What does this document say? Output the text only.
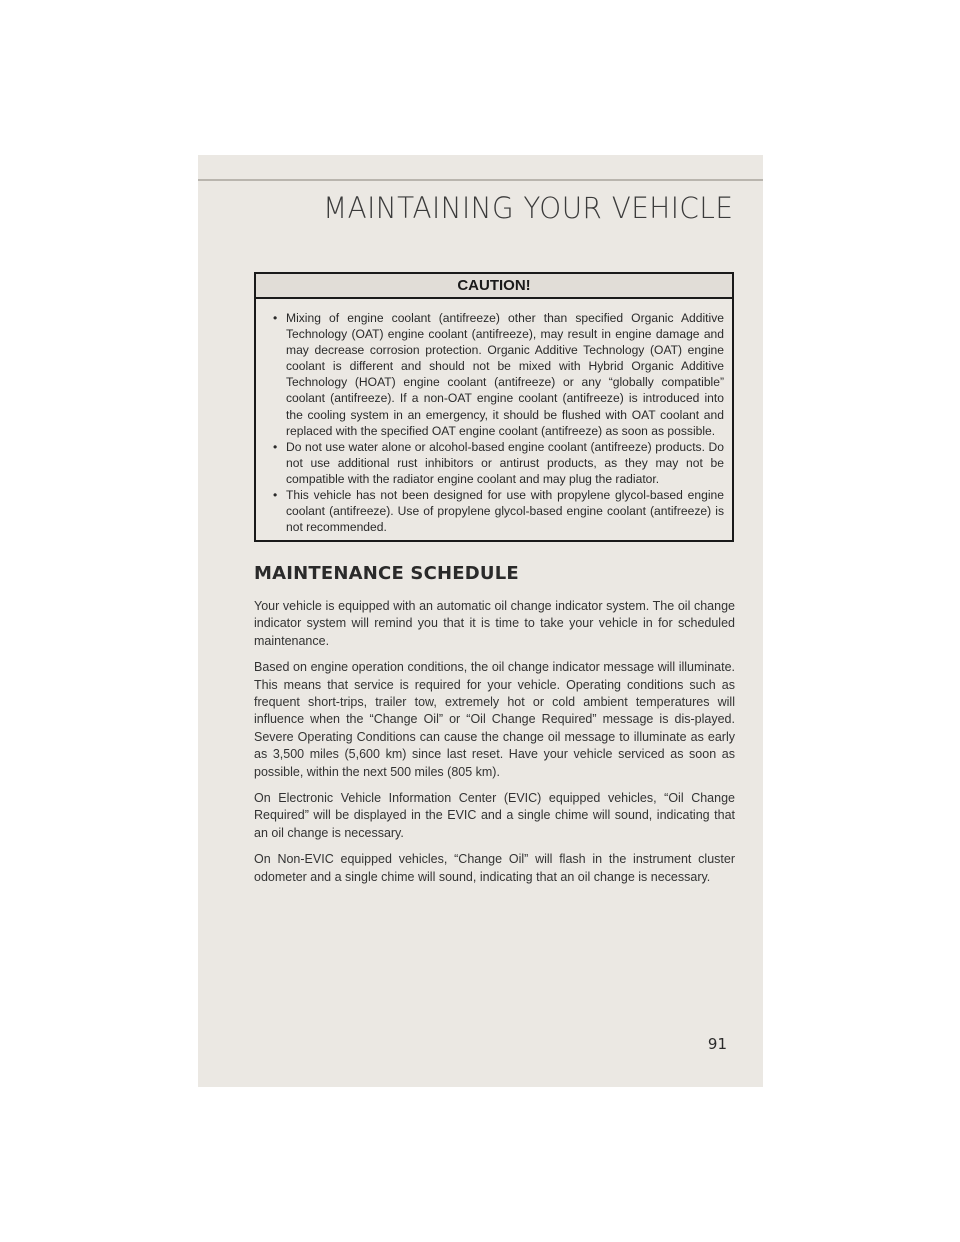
MAINTAINING YOUR VEHICLE
CAUTION!
• Mixing of engine coolant (antifreeze) other than specified Organic Additive Technology (OAT) engine coolant (antifreeze), may result in engine damage and may decrease corrosion protection. Organic Additive Technology (OAT) engine coolant is different and should not be mixed with Hybrid Organic Additive Technology (HOAT) engine coolant (antifreeze) or any “globally compatible” coolant (antifreeze). If a non-OAT engine coolant (antifreeze) is introduced into the cooling system in an emergency, it should be flushed with OAT coolant and replaced with the specified OAT engine coolant (antifreeze) as soon as possible.
• Do not use water alone or alcohol-based engine coolant (antifreeze) products. Do not use additional rust inhibitors or antirust products, as they may not be compatible with the radiator engine coolant and may plug the radiator.
• This vehicle has not been designed for use with propylene glycol-based engine coolant (antifreeze). Use of propylene glycol-based engine coolant (antifreeze) is not recommended.
MAINTENANCE SCHEDULE

Your vehicle is equipped with an automatic oil change indicator system. The oil change indicator system will remind you that it is time to take your vehicle in for scheduled maintenance.

Based on engine operation conditions, the oil change indicator message will illuminate. This means that service is required for your vehicle. Operating conditions such as frequent short-trips, trailer tow, extremely hot or cold ambient temperatures will influence when the “Change Oil” or “Oil Change Required” message is dis-played. Severe Operating Conditions can cause the change oil message to illuminate as early as 3,500 miles (5,600 km) since last reset. Have your vehicle serviced as soon as possible, within the next 500 miles (805 km).

On Electronic Vehicle Information Center (EVIC) equipped vehicles, “Oil Change Required” will be displayed in the EVIC and a single chime will sound, indicating that an oil change is necessary.

On Non-EVIC equipped vehicles, “Change Oil” will flash in the instrument cluster odometer and a single chime will sound, indicating that an oil change is necessary.

91
